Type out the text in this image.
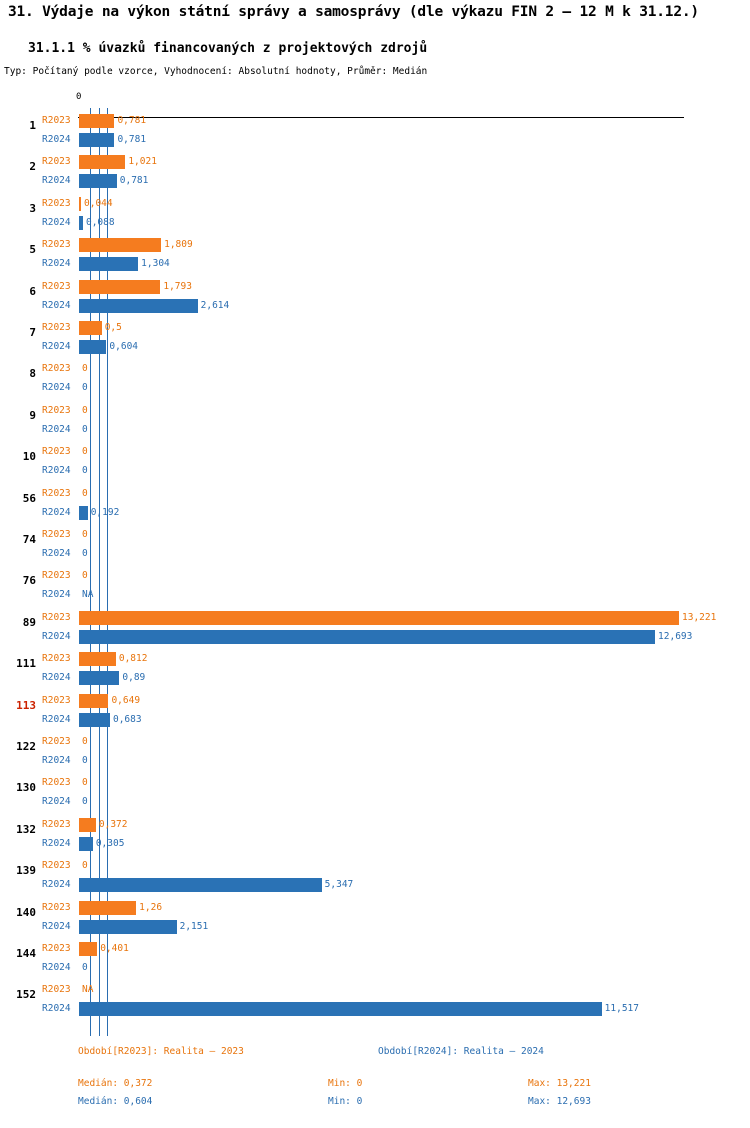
31. Výdaje na výkon státní správy a samosprávy (dle výkazu FIN 2 – 12 M k 31.12.)
31.1.1 % úvazků financovaných z projektových zdrojů
Typ: Počítaný podle vzorce, Vyhodnocení: Absolutní hodnoty, Průměr: Medián
0
1 R2023	0,781
R2024	0,781
2 R2023	1,021
R2024	0,781
3 R2023	0,044
R2024	0,088
5 R2023	1,809
R2024	1,304
6 R2023	1,793
R2024	2,614
7 R2023	0,5
R2024	0,604
8 R2023	0
R2024	0
9 R2023	0
R2024	0
10 R2023	0
R2024	0
56 R2023	0
R2024	0,192
74 R2023	0
R2024	0
76 R2023	0
R2024	NA
89 R2023	13,221
R2024	12,693
111 R2023	0,812
R2024	0,89
113 R2023	0,649
R2024	0,683
122 R2023	0
R2024	0
130 R2023	0
R2024	0
132 R2023	0,372
R2024	0,305
139 R2023	0
R2024	5,347
140 R2023	1,26
R2024	2,151
144 R2023	0,401
R2024	0
152 R2023	NA
R2024	11,517
Období[R2023]: Realita – 2023	Období[R2024]: Realita – 2024
Medián: 0,372	Min: 0	Max: 13,221
Medián: 0,604	Min: 0	Max: 12,693
